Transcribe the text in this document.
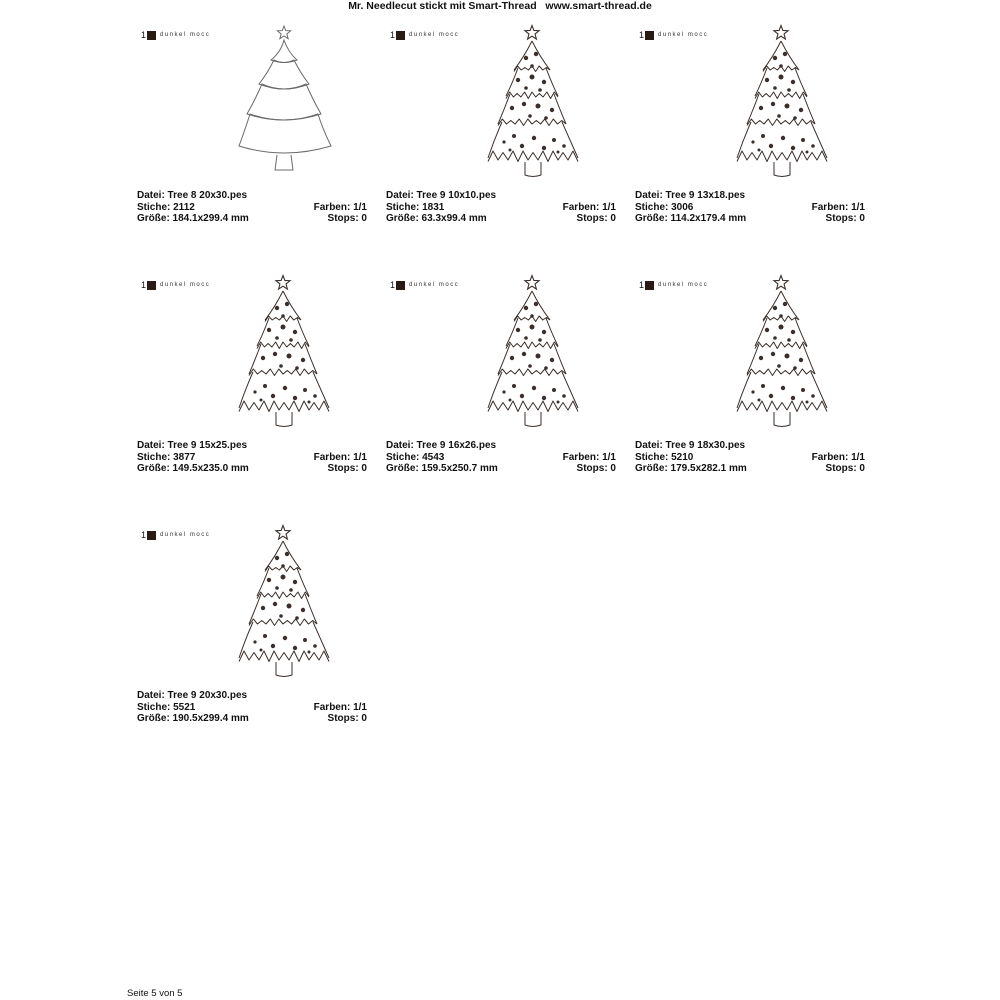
Mr. Needlecut stickt mit Smart-Thread   www.smart-thread.de
1 dunkel mocc
Datei: Tree 8 20x30.pes
Stiche: 2112	Farben: 1/1
Größe: 184.1x299.4 mm	Stops: 0
1 dunkel mocc
Datei: Tree 9 10x10.pes
Stiche: 1831	Farben: 1/1
Größe: 63.3x99.4 mm	Stops: 0
1 dunkel mocc
Datei: Tree 9 13x18.pes
Stiche: 3006	Farben: 1/1
Größe: 114.2x179.4 mm	Stops: 0
1 dunkel mocc
Datei: Tree 9 15x25.pes
Stiche: 3877	Farben: 1/1
Größe: 149.5x235.0 mm	Stops: 0
1 dunkel mocc
Datei: Tree 9 16x26.pes
Stiche: 4543	Farben: 1/1
Größe: 159.5x250.7 mm	Stops: 0
1 dunkel mocc
Datei: Tree 9 18x30.pes
Stiche: 5210	Farben: 1/1
Größe: 179.5x282.1 mm	Stops: 0
1 dunkel mocc
Datei: Tree 9 20x30.pes
Stiche: 5521	Farben: 1/1
Größe: 190.5x299.4 mm	Stops: 0
Seite 5 von 5
